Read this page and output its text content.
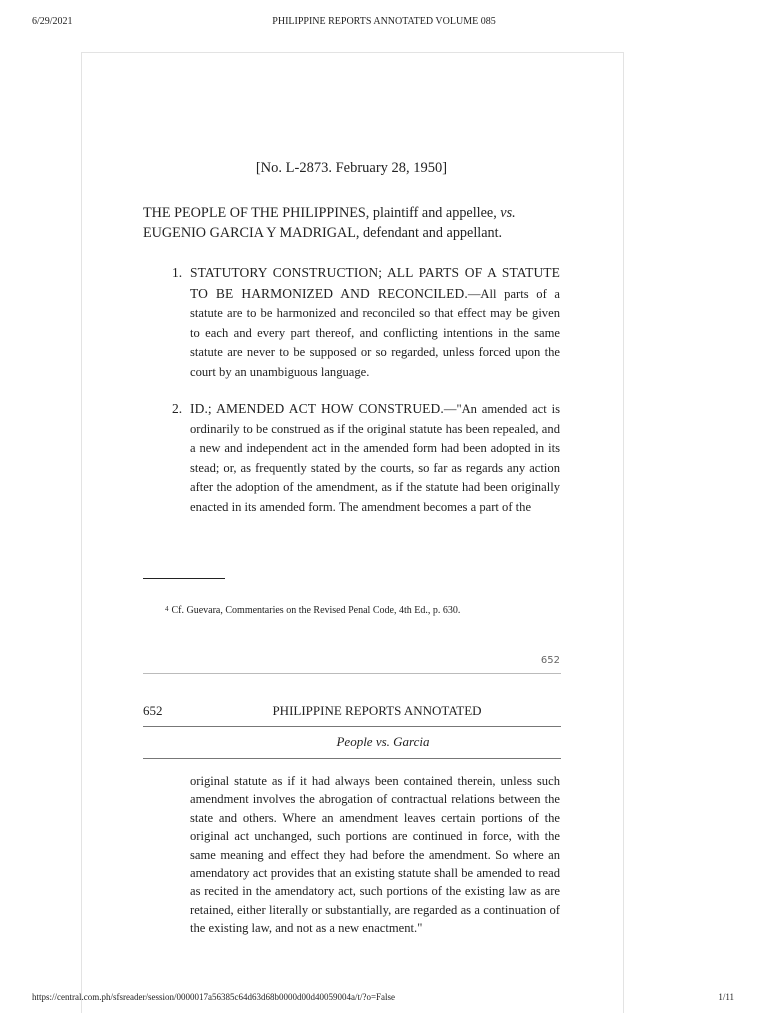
6/29/2021	PHILIPPINE REPORTS ANNOTATED VOLUME 085
[No. L-2873. February 28, 1950]
THE PEOPLE OF THE PHILIPPINES, plaintiff and appellee, vs.
EUGENIO GARCIA Y MADRIGAL, defendant and appellant.
1. STATUTORY CONSTRUCTION; ALL PARTS OF A STATUTE TO BE HARMONIZED AND RECONCILED.—All parts of a statute are to be harmonized and reconciled so that effect may be given to each and every part thereof, and conflicting intentions in the same statute are never to be supposed or so regarded, unless forced upon the court by an unambiguous language.
2. ID.; AMENDED ACT HOW CONSTRUED.—"An amended act is ordinarily to be construed as if the original statute has been repealed, and a new and independent act in the amended form had been adopted in its stead; or, as frequently stated by the courts, so far as regards any action after the adoption of the amendment, as if the statute had been originally enacted in its amended form. The amendment becomes a part of the
$^4$ Cf. Guevara, Commentaries on the Revised Penal Code, 4th Ed., p. 630.
652
PHILIPPINE REPORTS ANNOTATED
652
People vs. Garcia
original statute as if it had always been contained therein, unless such amendment involves the abrogation of contractual relations between the state and others. Where an amendment leaves certain portions of the original act unchanged, such portions are continued in force, with the same meaning and effect they had before the amendment. So where an amendatory act provides that an existing statute shall be amended to read as recited in the amendatory act, such portions of the existing law as are retained, either literally or substantially, are regarded as a continuation of the existing law, and not as a new enactment."
https://central.com.ph/sfsreader/session/0000017a56385c64d63d68b0000d00d40059004a/t/?o=False	1/11
